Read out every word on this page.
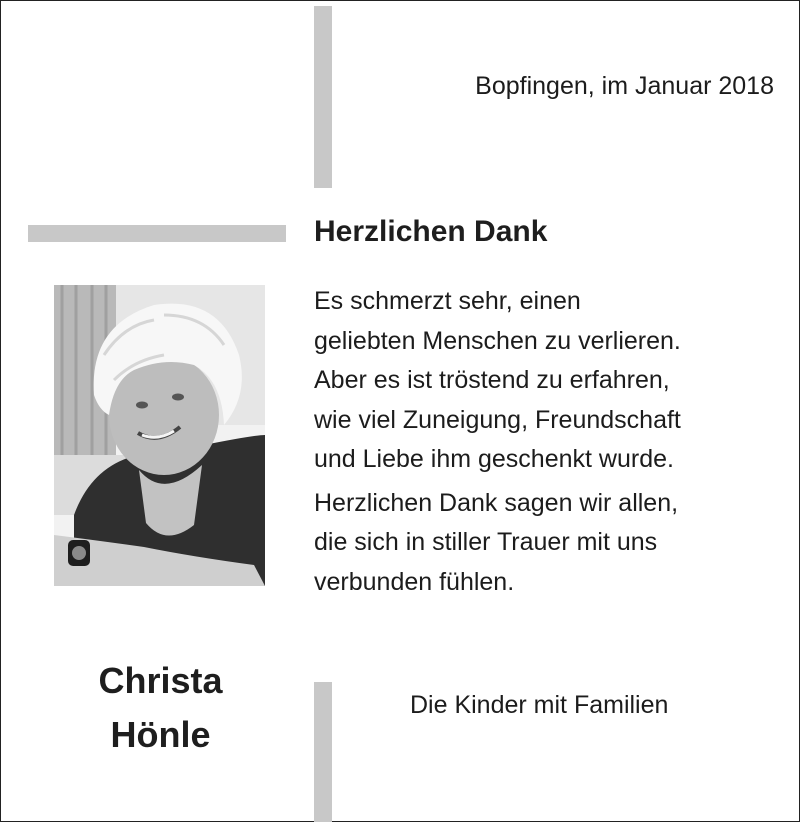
Bopfingen, im Januar 2018
Herzlichen Dank

Es schmerzt sehr, einen
geliebten Menschen zu verlieren.
Aber es ist tröstend zu erfahren,
wie viel Zuneigung, Freundschaft
und Liebe ihm geschenkt wurde.

Herzlichen Dank sagen wir allen,
die sich in stiller Trauer mit uns
verbunden fühlen.

Christa
Hönle
Die Kinder mit Familien
